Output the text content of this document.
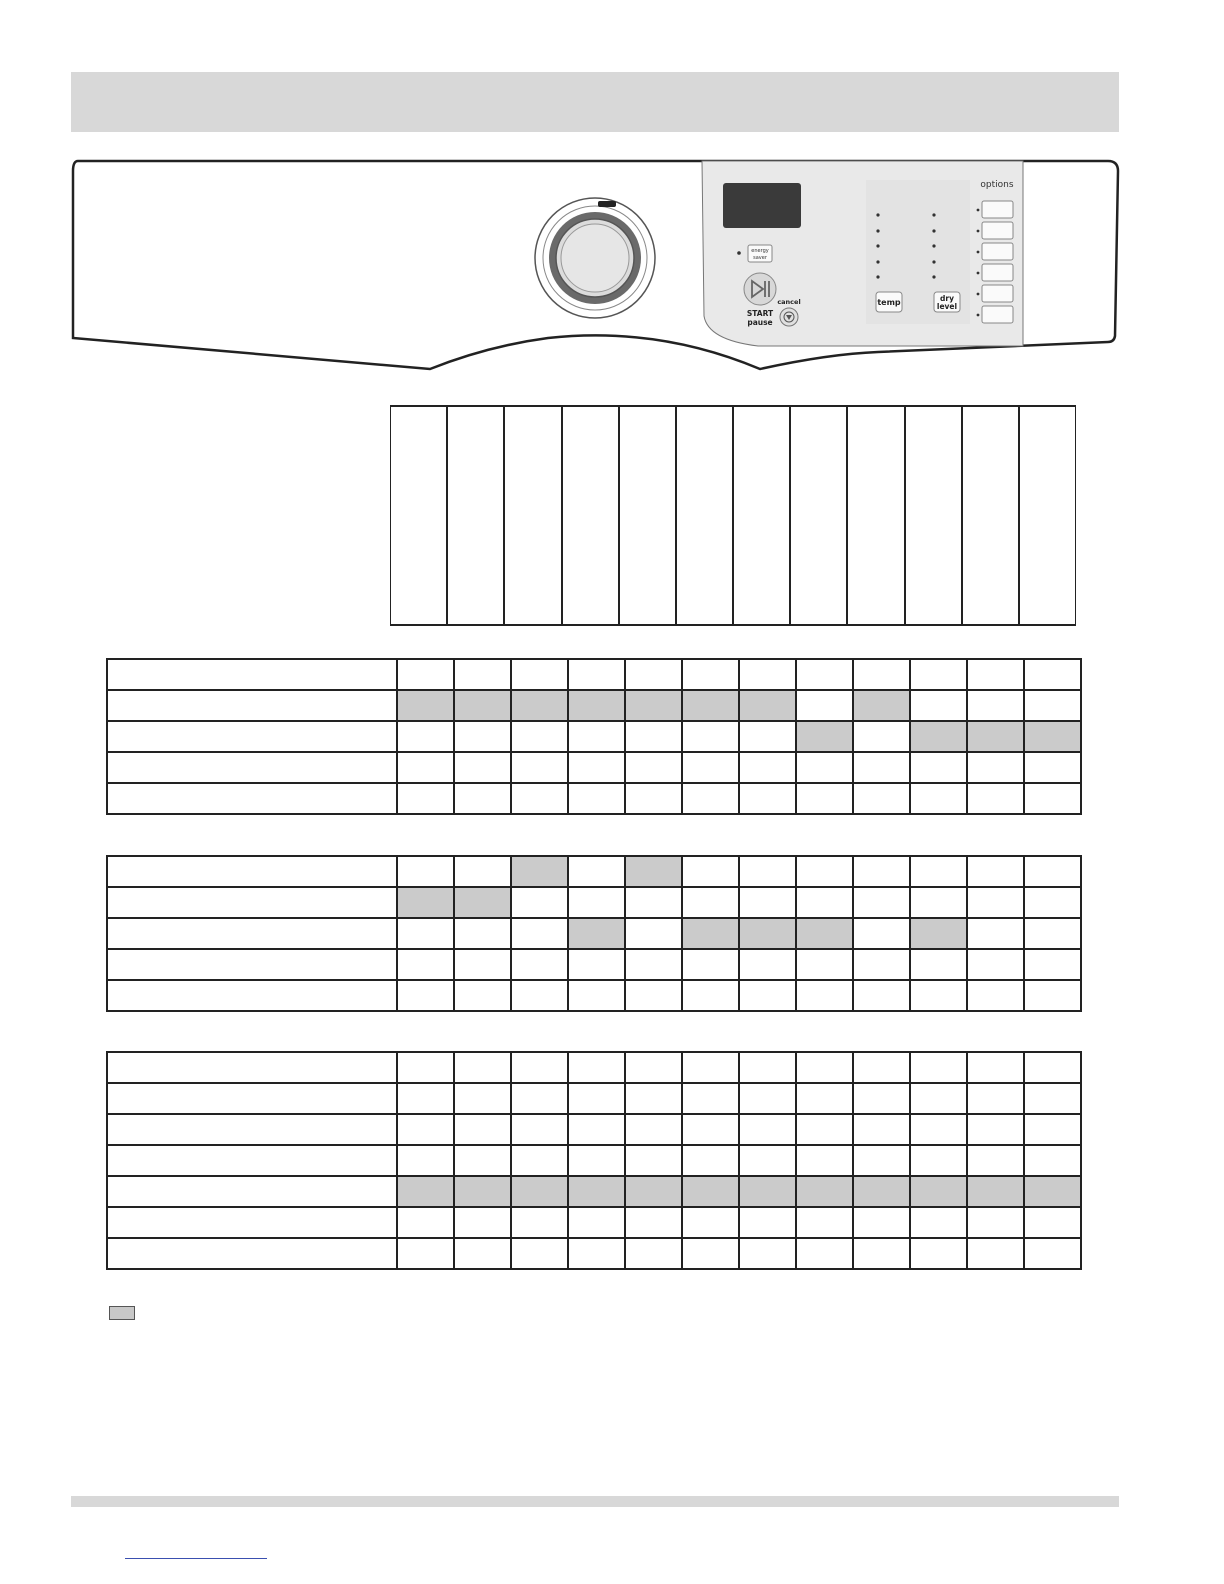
energy
saver
START
pause
cancel	temp	dry
level
options
